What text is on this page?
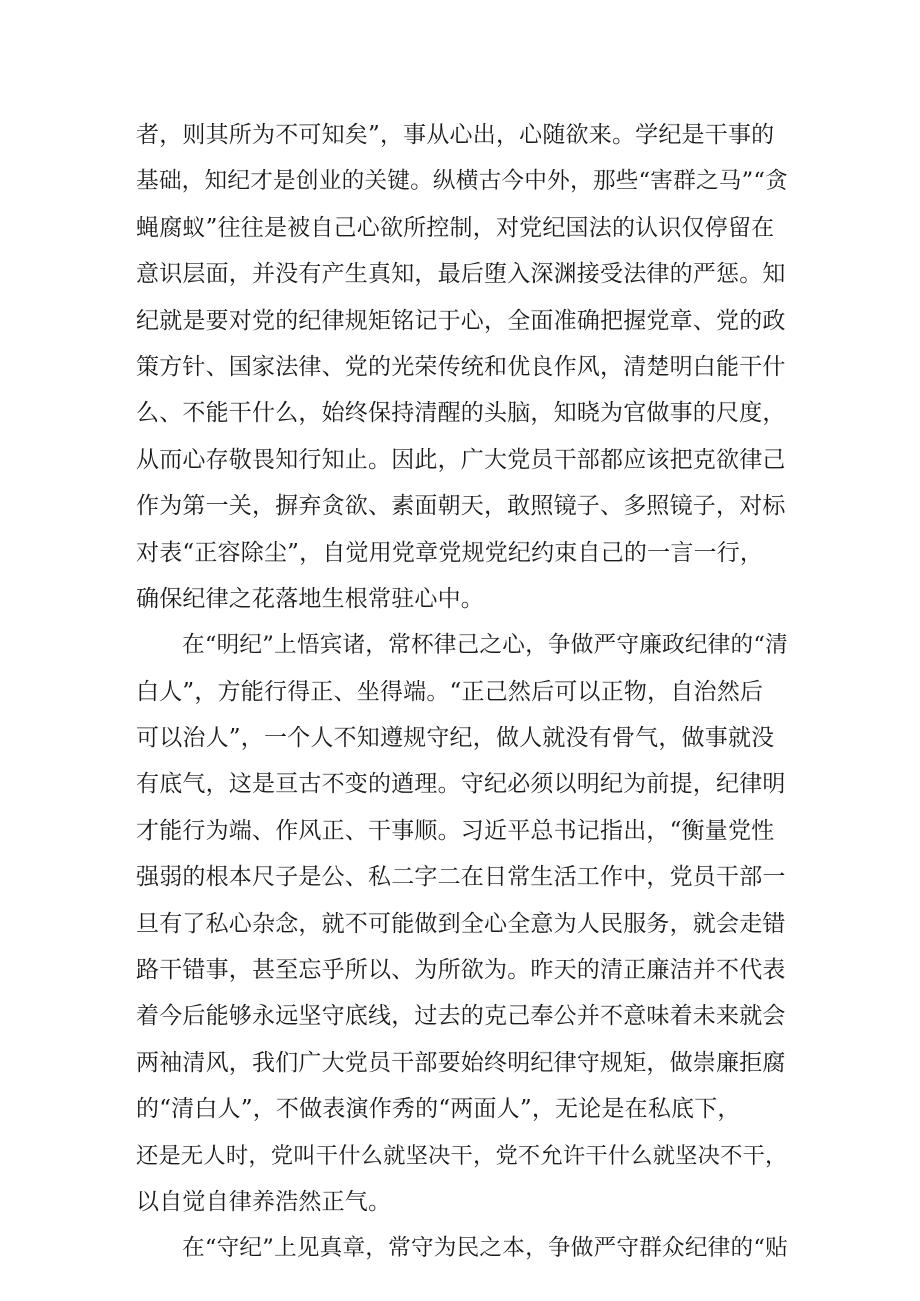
者，则其所为不可知矣”，事从心出，心随欲来。学纪是干事的
基础，知纪才是创业的关键。纵横古今中外，那些“害群之马”“贪
蝇腐蚁”往往是被自己心欲所控制，对党纪国法的认识仅停留在
意识层面，并没有产生真知，最后堕入深渊接受法律的严惩。知
纪就是要对党的纪律规矩铭记于心，全面准确把握党章、党的政
策方针、国家法律、党的光荣传统和优良作风，清楚明白能干什
么、不能干什么，始终保持清醒的头脑，知晓为官做事的尺度，
从而心存敬畏知行知止。因此，广大党员干部都应该把克欲律己
作为第一关，摒弃贪欲、素面朝天，敢照镜子、多照镜子，对标
对表“正容除尘”，自觉用党章党规党纪约束自己的一言一行，
确保纪律之花落地生根常驻心中。
在“明纪”上悟宾诸，常杯律己之心，争做严守廉政纪律的“清
白人”，方能行得正、坐得端。“正己然后可以正物，自治然后
可以治人”，一个人不知遵规守纪，做人就没有骨气，做事就没
有底气，这是亘古不变的遒理。守纪必须以明纪为前提，纪律明
才能行为端、作风正、干事顺。习近平总书记指出，“衡量党性
强弱的根本尺子是公、私二字二在日常生活工作中，党员干部一
旦有了私心杂念，就不可能做到全心全意为人民服务，就会走错
路干错事，甚至忘乎所以、为所欲为。昨天的清正廉洁并不代表
着今后能够永远坚守底线，过去的克己奉公并不意味着未来就会
两袖清风，我们广大党员干部要始终明纪律守规矩，做崇廉拒腐
的“清白人”，不做表演作秀的“两面人”，无论是在私底下，
还是无人时，党叫干什么就坚决干，党不允许干什么就坚决不干，
以自觉自律养浩然正气。
在“守纪”上见真章，常守为民之本，争做严守群众纪律的“贴
